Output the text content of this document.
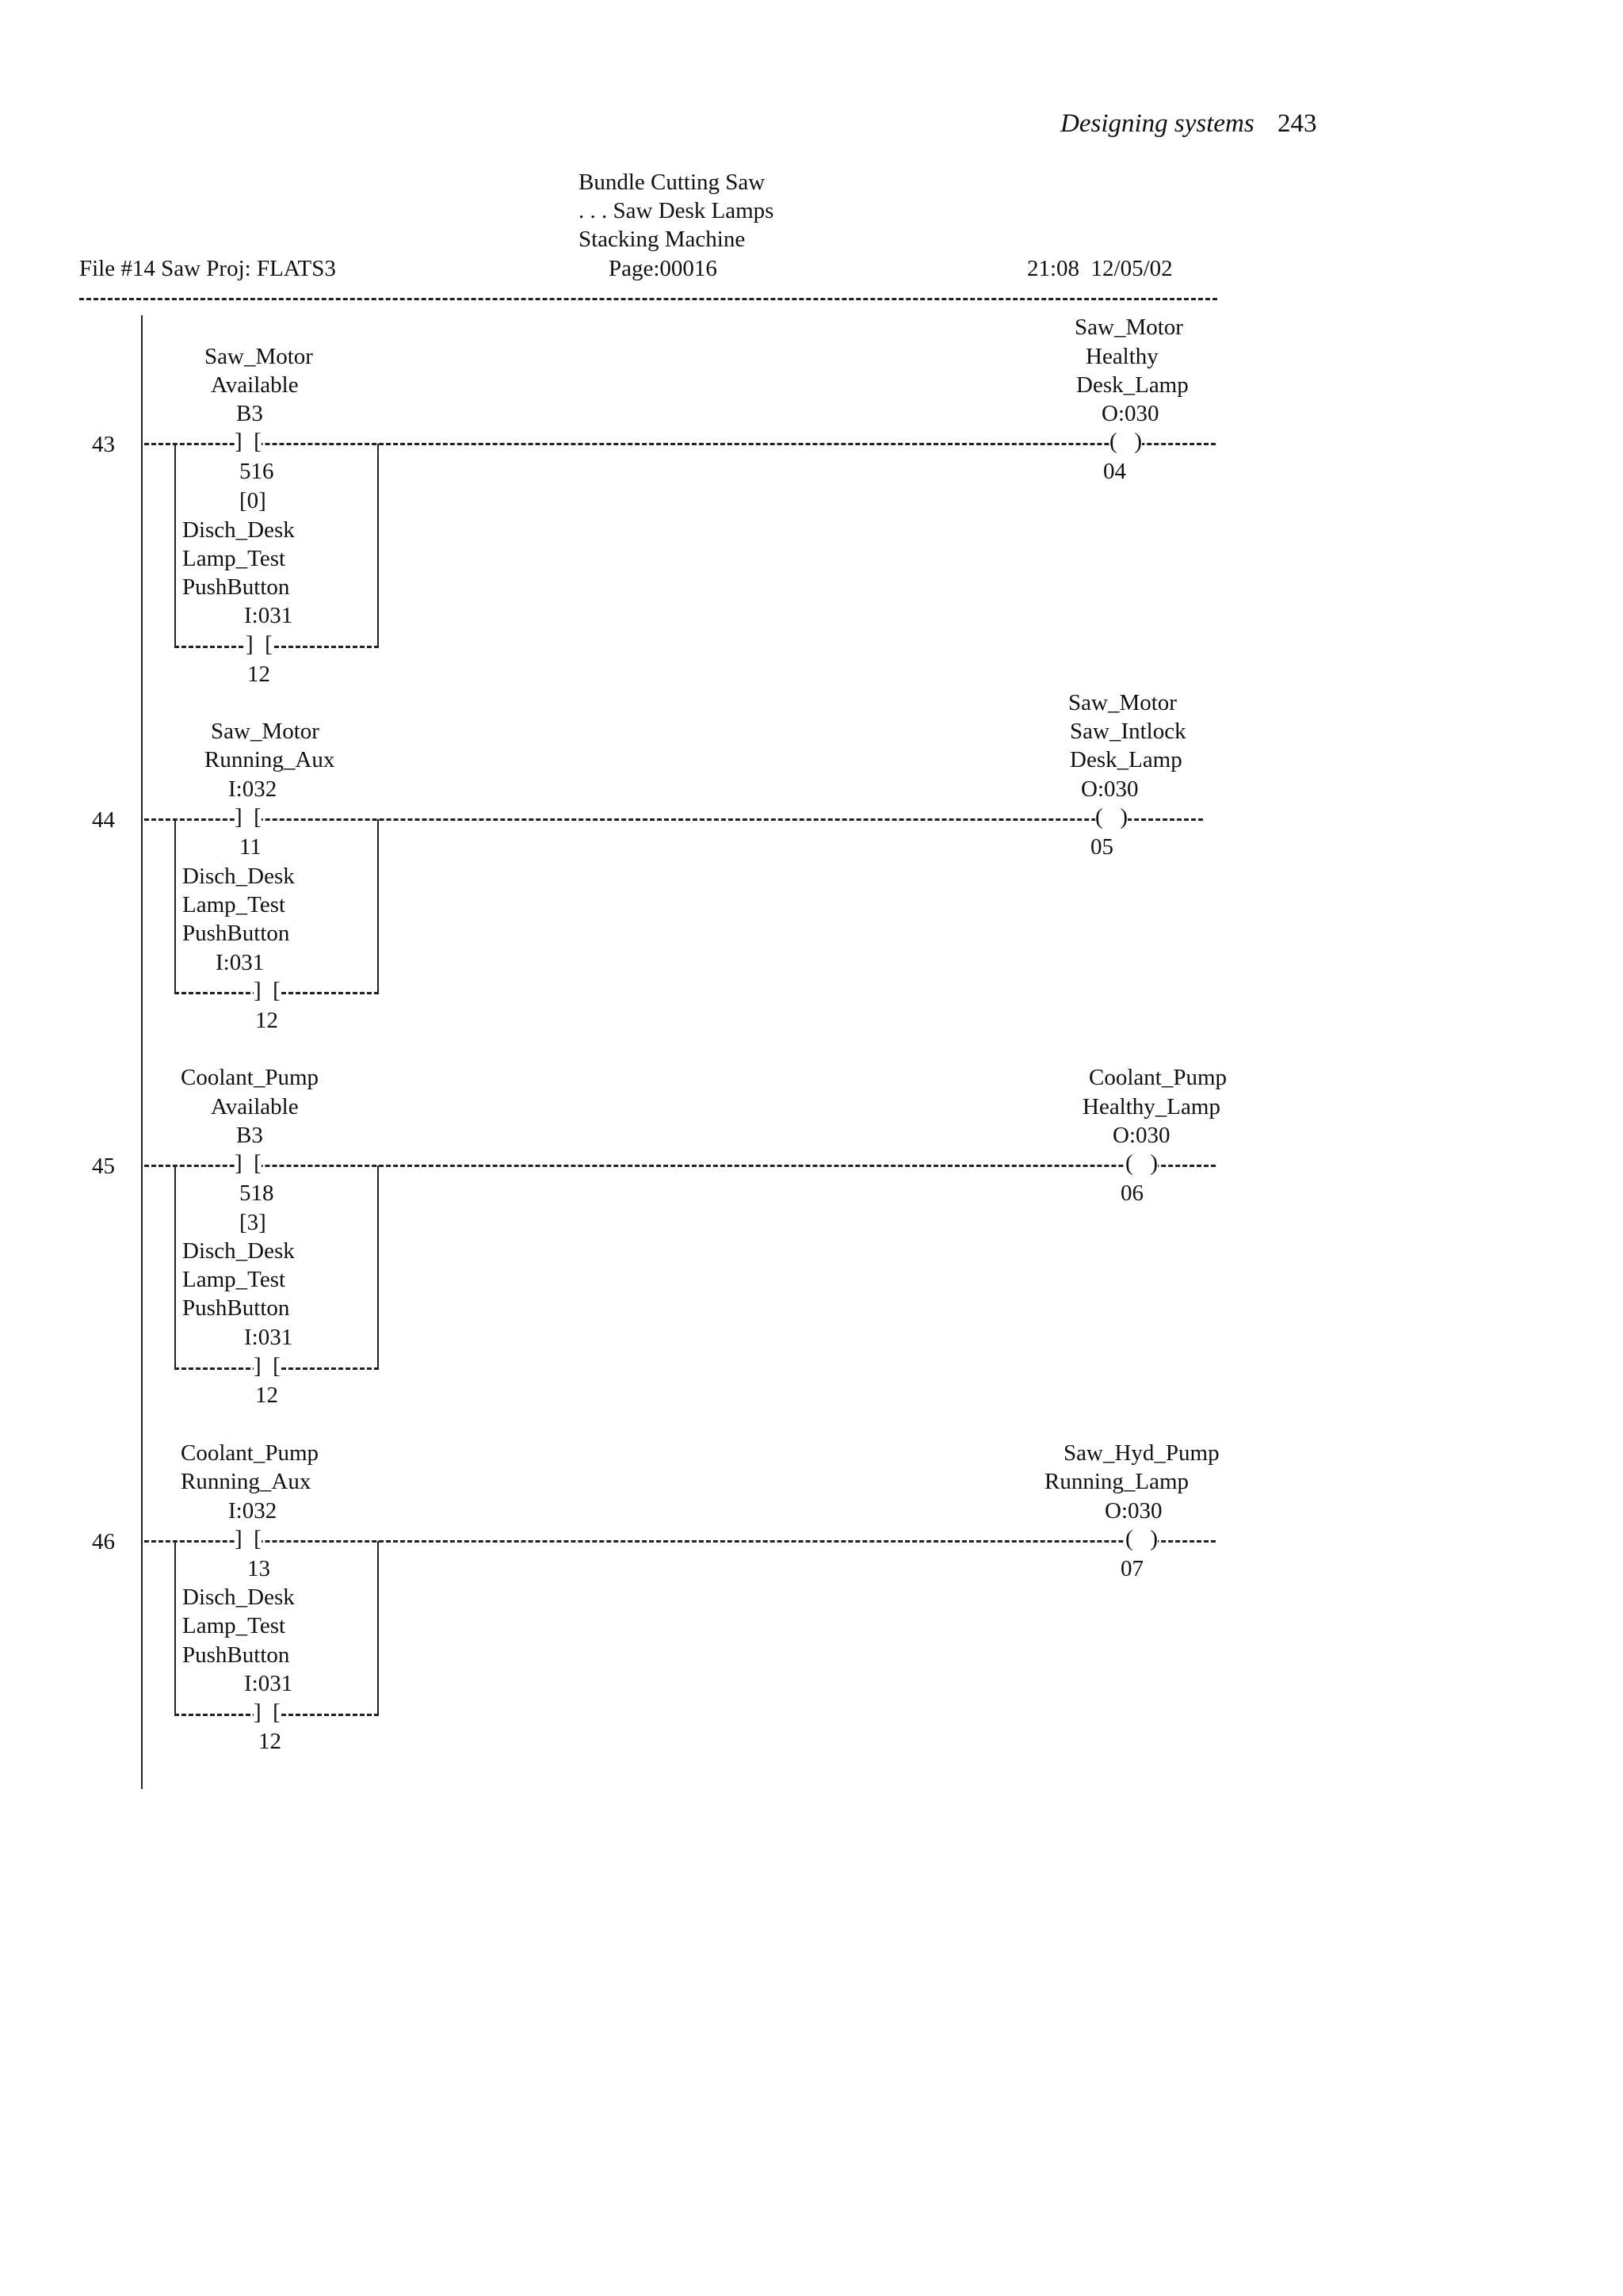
Designing systems 243
Bundle Cutting Saw
. . . Saw Desk Lamps
Stacking Machine
File #14 Saw Proj: FLATS3	Page:00016	21:08  12/05/02
Saw_Motor
Available
B3
43	]  [	(   )
516
[0]
Disch_Desk
Lamp_Test
PushButton
I:031
]  [
12
Saw_Motor
Healthy
Desk_Lamp
O:030
04
Saw_Motor
Running_Aux
I:032
44	]  [	(   )
11
Disch_Desk
Lamp_Test
PushButton
I:031
]  [
12
Saw_Motor
Saw_Intlock
Desk_Lamp
O:030
05
Coolant_Pump
Available
B3
45	]  [	(   )
518
[3]
Disch_Desk
Lamp_Test
PushButton
I:031
]  [
12
Coolant_Pump
Healthy_Lamp
O:030
06
Coolant_Pump
Running_Aux
I:032
46	]  [	(   )
13
Disch_Desk
Lamp_Test
PushButton
I:031
]  [
12
Saw_Hyd_Pump
Running_Lamp
O:030
07
